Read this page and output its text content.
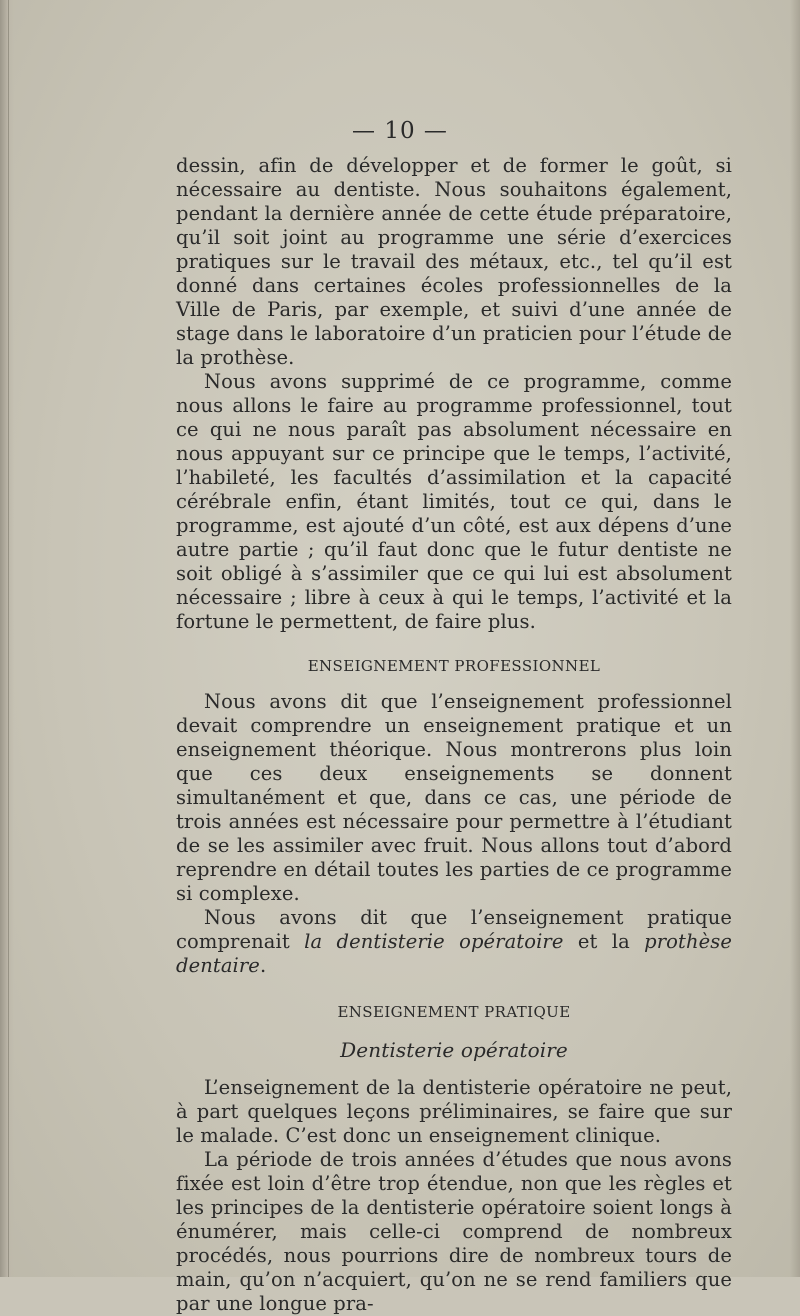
— 10 —

dessin, afin de développer et de former le goût, si nécessaire au dentiste. Nous souhaitons également, pendant la dernière année de cette étude préparatoire, qu’il soit joint au programme une série d’exercices pratiques sur le travail des métaux, etc., tel qu’il est donné dans certaines écoles professionnelles de la Ville de Paris, par exemple, et suivi d’une année de stage dans le laboratoire d’un praticien pour l’étude de la prothèse.

Nous avons supprimé de ce programme, comme nous allons le faire au programme professionnel, tout ce qui ne nous paraît pas absolument nécessaire en nous appuyant sur ce principe que le temps, l’activité, l’habileté, les facultés d’assimilation et la capacité cérébrale enfin, étant limités, tout ce qui, dans le programme, est ajouté d’un côté, est aux dépens d’une autre partie ; qu’il faut donc que le futur dentiste ne soit obligé à s’assimiler que ce qui lui est absolument nécessaire ; libre à ceux à qui le temps, l’activité et la fortune le permettent, de faire plus.

ENSEIGNEMENT PROFESSIONNEL

Nous avons dit que l’enseignement professionnel devait comprendre un enseignement pratique et un enseignement théorique. Nous montrerons plus loin que ces deux enseignements se donnent simultanément et que, dans ce cas, une période de trois années est nécessaire pour permettre à l’étudiant de se les assimiler avec fruit. Nous allons tout d’abord reprendre en détail toutes les parties de ce programme si complexe.

Nous avons dit que l’enseignement pratique comprenait la dentisterie opératoire et la prothèse dentaire.

ENSEIGNEMENT PRATIQUE

Dentisterie opératoire

L’enseignement de la dentisterie opératoire ne peut, à part quelques leçons préliminaires, se faire que sur le malade. C’est donc un enseignement clinique.

La période de trois années d’études que nous avons fixée est loin d’être trop étendue, non que les règles et les principes de la dentisterie opératoire soient longs à énumérer, mais celle-ci comprend de nombreux procédés, nous pourrions dire de nombreux tours de main, qu’on n’acquiert, qu’on ne se rend familiers que par une longue pra-
